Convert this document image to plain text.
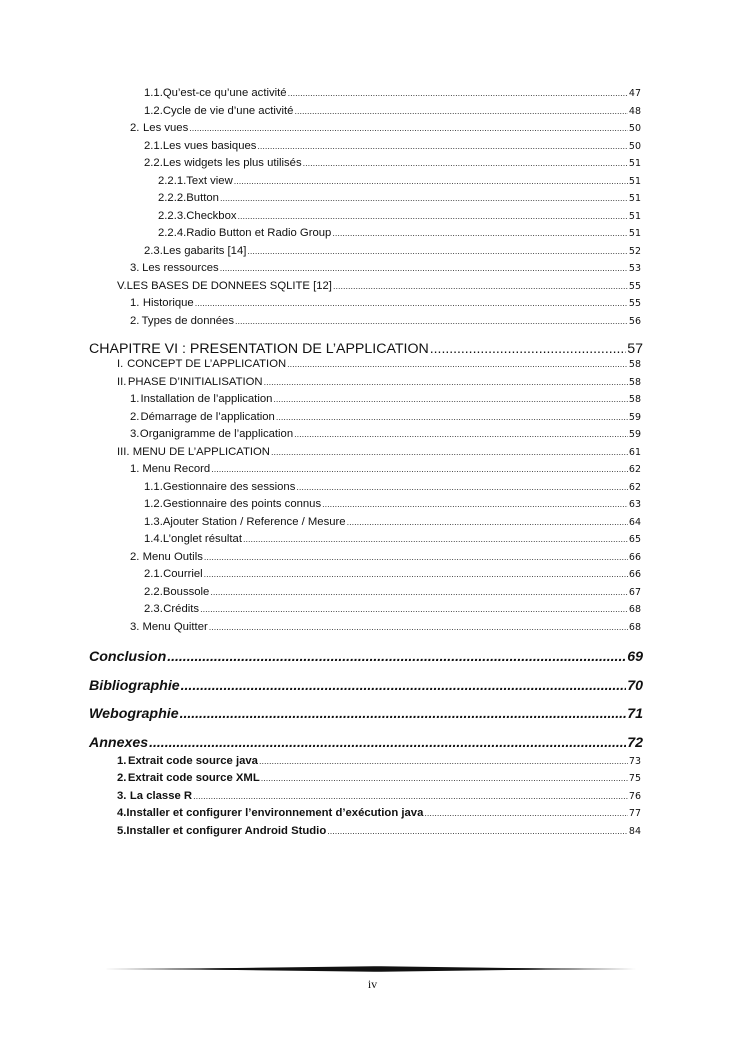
1.1. Qu’est-ce qu’une activité .....	47
1.2. Cycle de vie d’une activité .....	48
2. Les vues .....	50
2.1. Les vues basiques .....	50
2.2. Les widgets les plus utilisés .....	51
2.2.1. Text view .....	51
2.2.2. Button .....	51
2.2.3. Checkbox .....	51
2.2.4. Radio Button et Radio Group .....	51
2.3. Les gabarits [14] .....	52
3. Les ressources .....	53
V. LES BASES DE DONNEES SQLITE [12] .....	55
1. Historique .....	55
2. Types de données .....	56
CHAPITRE VI : PRESENTATION DE L’APPLICATION .....	57
I. CONCEPT DE L’APPLICATION .....	58
II. PHASE D’INITIALISATION .....	58
1. Installation de l’application .....	58
2. Démarrage de l’application .....	59
3. Organigramme de l’application .....	59
III. MENU DE L’APPLICATION .....	61
1. Menu Record .....	62
1.1. Gestionnaire des sessions .....	62
1.2. Gestionnaire des points connus .....	63
1.3. Ajouter Station / Reference / Mesure .....	64
1.4. L’onglet résultat .....	65
2. Menu Outils .....	66
2.1. Courriel .....	66
2.2. Boussole .....	67
2.3. Crédits .....	68
3. Menu Quitter .....	68
Conclusion .....	69
Bibliographie .....	70
Webographie .....	71
Annexes .....	72
1. Extrait code source java .....	73
2. Extrait code source XML .....	75
3. La classe R .....	76
4. Installer et configurer l’environnement d’exécution java .....	77
5. Installer et configurer Android Studio .....	84
iv
